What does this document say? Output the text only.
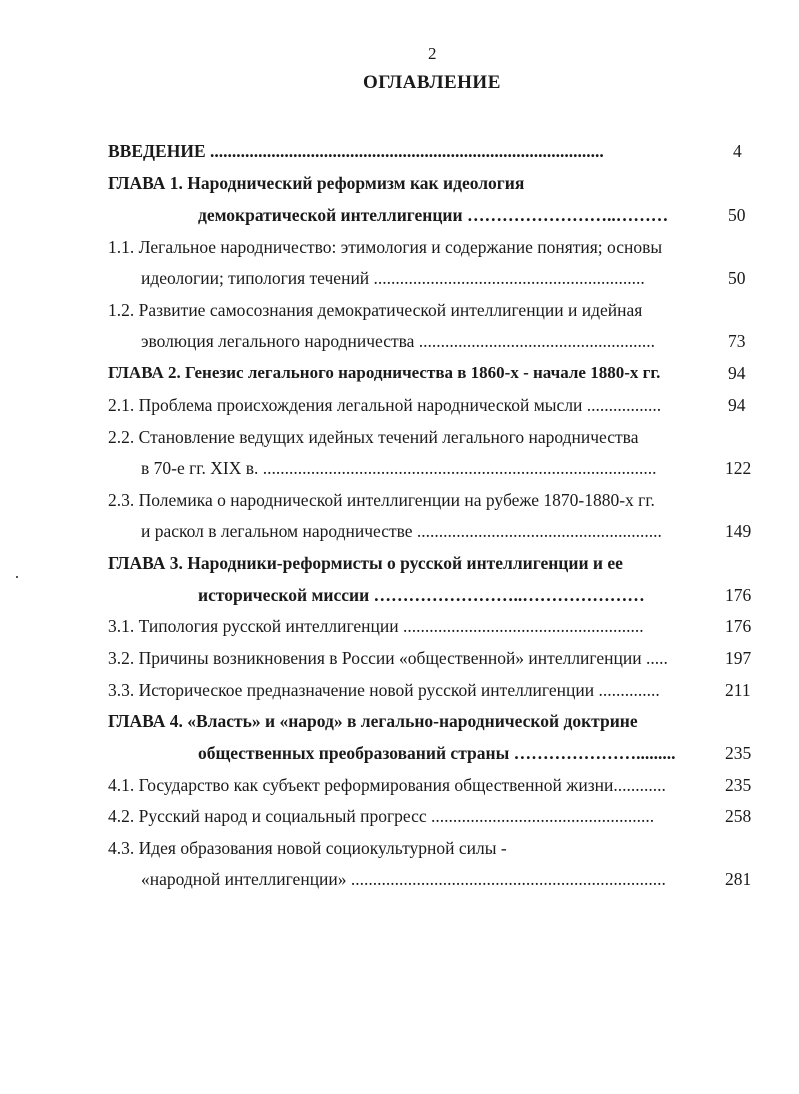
2
ОГЛАВЛЕНИЕ
ВВЕДЕНИЕ ..........................................................................................	4
ГЛАВА 1. Народнический реформизм как идеология
демократической интеллигенции ……………………..………	50
1.1. Легальное народничество: этимология и содержание понятия; основы
идеологии; типология течений ..............................................................	50
1.2. Развитие самосознания демократической интеллигенции и идейная
эволюция легального народничества ......................................................	73
ГЛАВА 2. Генезис легального народничества в 1860-х - начале 1880-х гг.	94
2.1. Проблема происхождения легальной народнической мысли .................	94
2.2. Становление ведущих идейных течений легального народничества
в 70-е гг. XIX в. ..........................................................................................	122
2.3. Полемика о народнической интеллигенции на рубеже 1870-1880-х гг.
и раскол в легальном народничестве ........................................................	149
ГЛАВА 3. Народники-реформисты о русской интеллигенции и ее
исторической миссии ……………………..…………………	176
3.1. Типология русской интеллигенции .......................................................	176
3.2. Причины возникновения в России «общественной» интеллигенции .....	197
3.3. Историческое предназначение новой русской интеллигенции ..............	211
ГЛАВА 4. «Власть» и «народ» в легально-народнической доктрине
общественных преобразований страны ………………….........	235
4.1. Государство как субъект реформирования общественной жизни............	235
4.2. Русский народ и социальный прогресс ...................................................	258
4.3. Идея образования новой социокультурной силы -
«народной интеллигенции» ........................................................................	281
